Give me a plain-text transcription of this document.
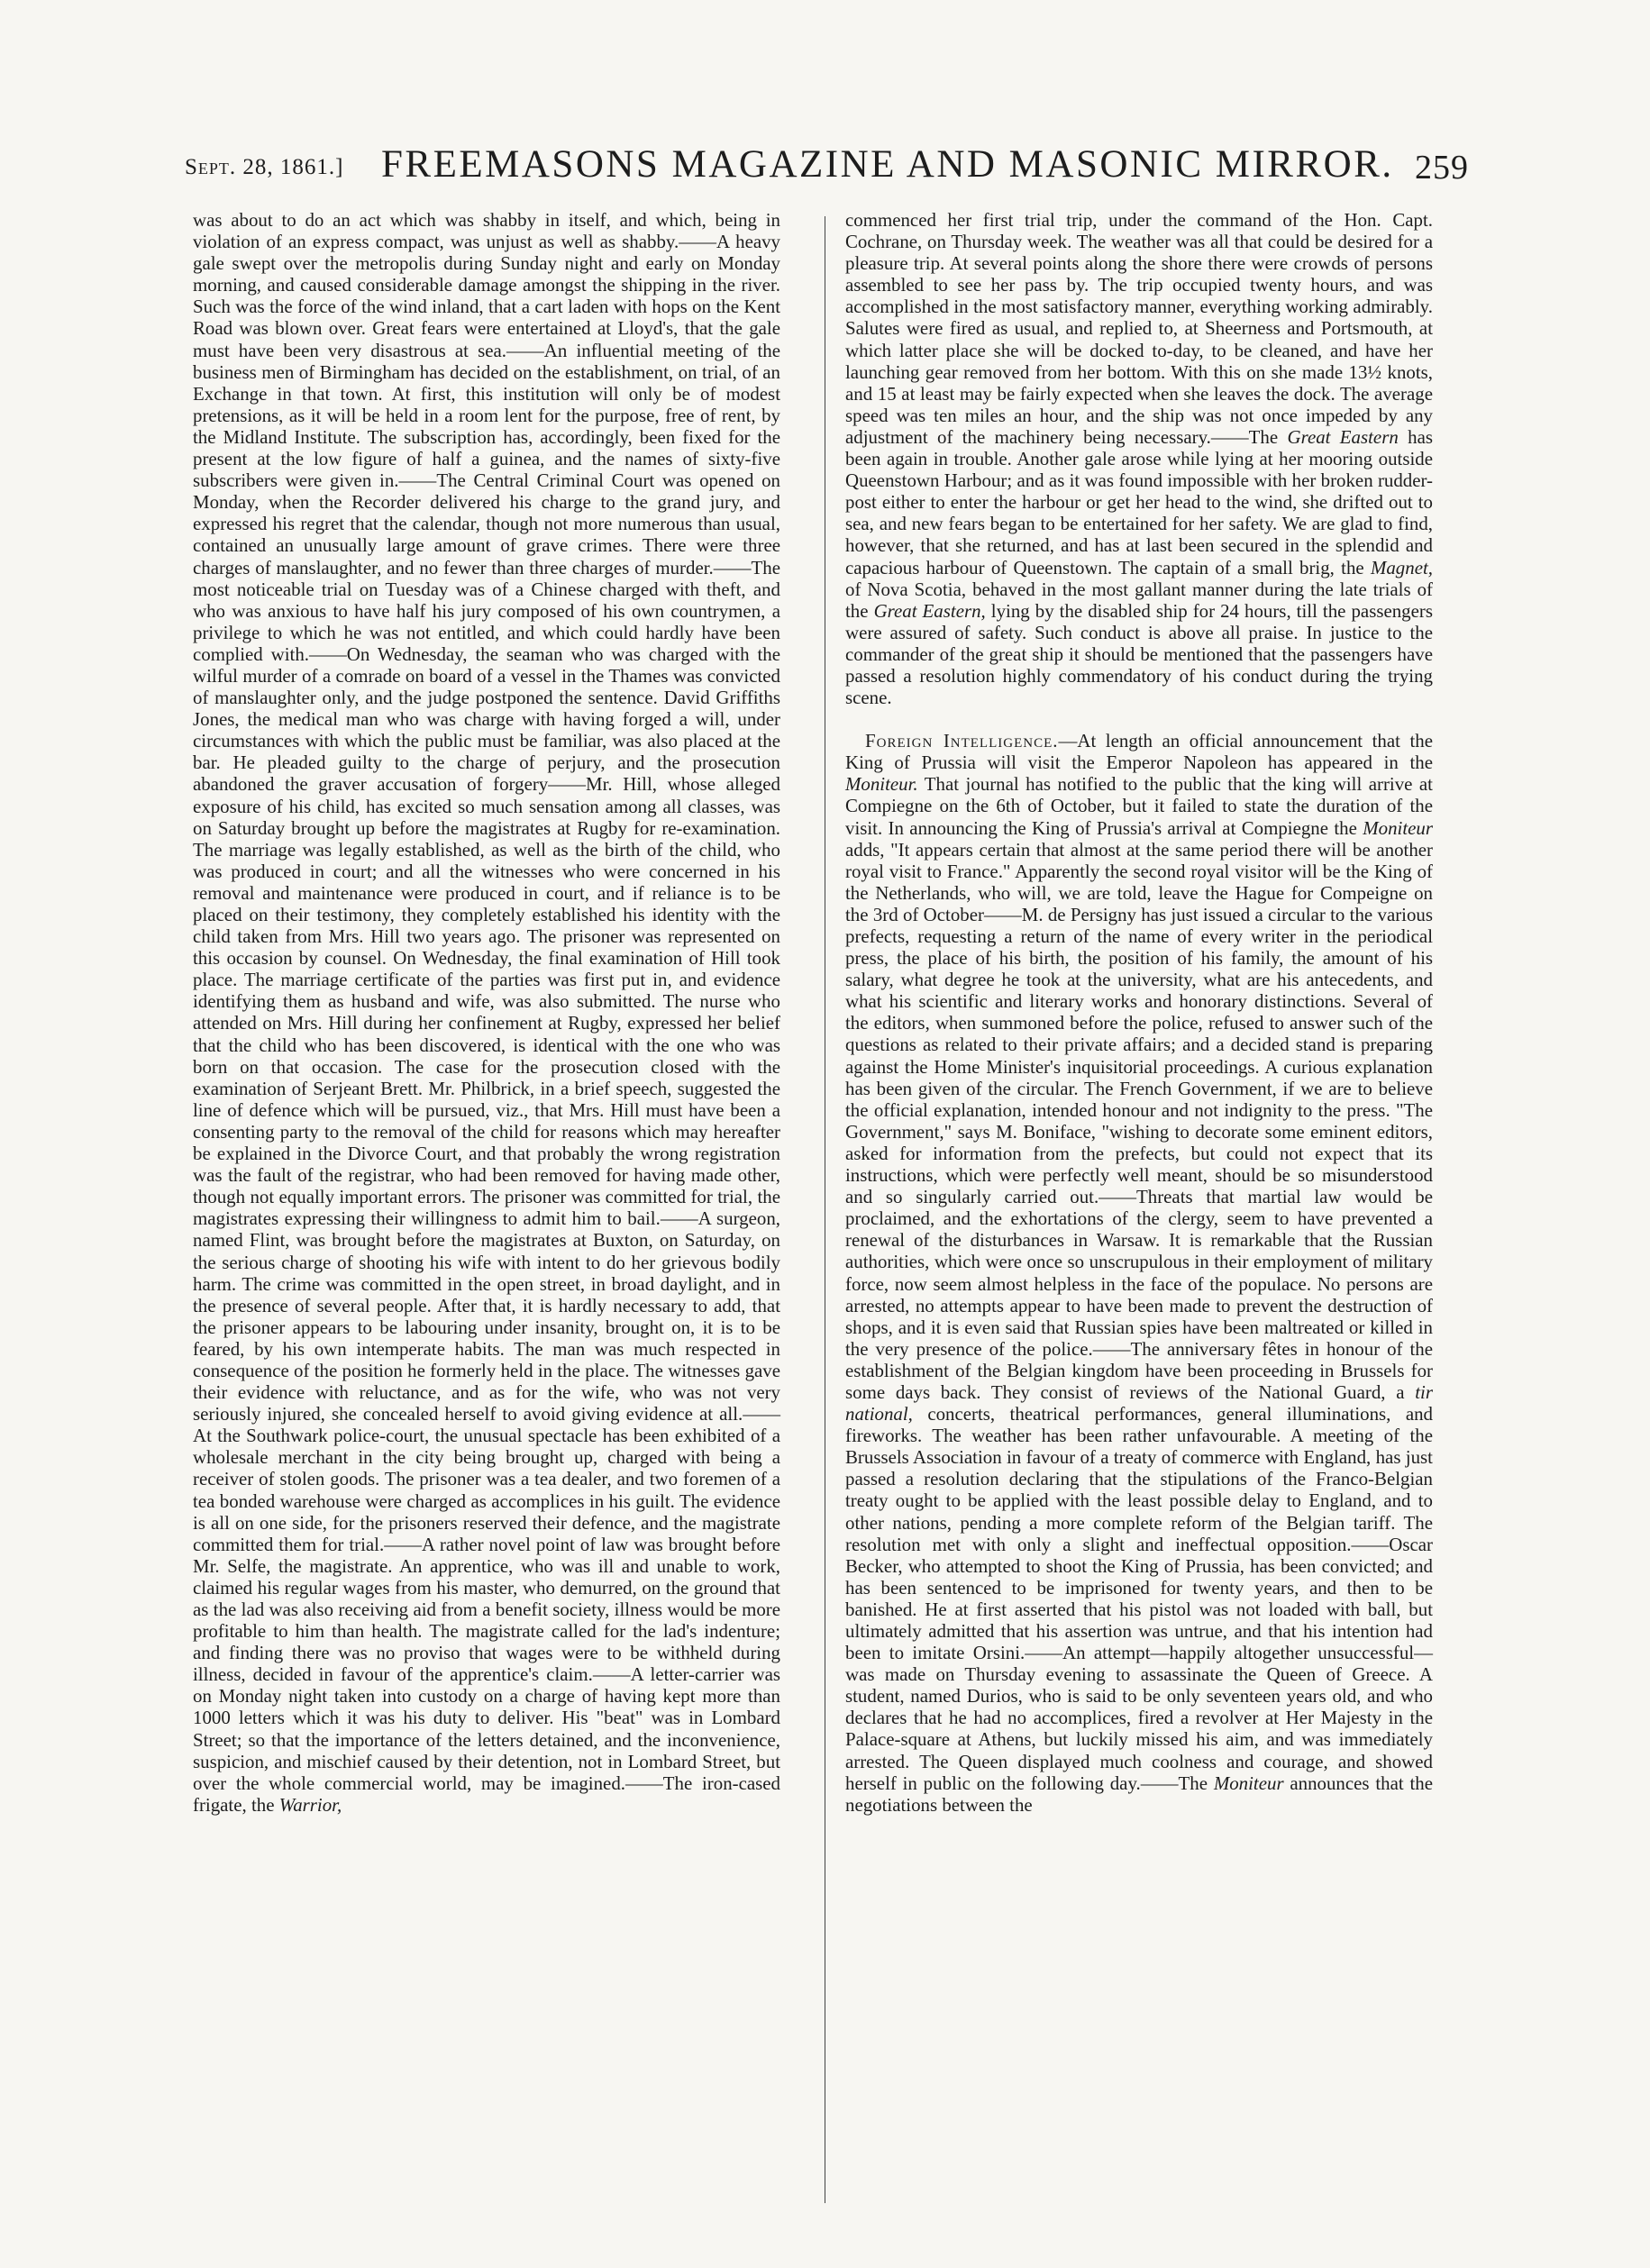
Sept. 28, 1861.] FREEMASONS MAGAZINE AND MASONIC MIRROR. 259

was about to do an act which was shabby in itself, and which, being in violation of an express compact, was unjust as well as shabby.——A heavy gale swept over the metropolis during Sunday night and early on Monday morning, and caused considerable damage amongst the shipping in the river. Such was the force of the wind inland, that a cart laden with hops on the Kent Road was blown over. Great fears were entertained at Lloyd's, that the gale must have been very disastrous at sea.——An influential meeting of the business men of Birmingham has decided on the establishment, on trial, of an Exchange in that town. At first, this institution will only be of modest pretensions, as it will be held in a room lent for the purpose, free of rent, by the Midland Institute. The subscription has, accordingly, been fixed for the present at the low figure of half a guinea, and the names of sixty-five subscribers were given in.——The Central Criminal Court was opened on Monday, when the Recorder delivered his charge to the grand jury, and expressed his regret that the calendar, though not more numerous than usual, contained an unusually large amount of grave crimes. There were three charges of manslaughter, and no fewer than three charges of murder.——The most noticeable trial on Tuesday was of a Chinese charged with theft, and who was anxious to have half his jury composed of his own countrymen, a privilege to which he was not entitled, and which could hardly have been complied with.——On Wednesday, the seaman who was charged with the wilful murder of a comrade on board of a vessel in the Thames was convicted of manslaughter only, and the judge postponed the sentence. David Griffiths Jones, the medical man who was charge with having forged a will, under circumstances with which the public must be familiar, was also placed at the bar. He pleaded guilty to the charge of perjury, and the prosecution abandoned the graver accusation of forgery——Mr. Hill, whose alleged exposure of his child, has excited so much sensation among all classes, was on Saturday brought up before the magistrates at Rugby for re-examination. The marriage was legally established, as well as the birth of the child, who was produced in court; and all the witnesses who were concerned in his removal and maintenance were produced in court, and if reliance is to be placed on their testimony, they completely established his identity with the child taken from Mrs. Hill two years ago. The prisoner was represented on this occasion by counsel. On Wednesday, the final examination of Hill took place. The marriage certificate of the parties was first put in, and evidence identifying them as husband and wife, was also submitted. The nurse who attended on Mrs. Hill during her confinement at Rugby, expressed her belief that the child who has been discovered, is identical with the one who was born on that occasion. The case for the prosecution closed with the examination of Serjeant Brett. Mr. Philbrick, in a brief speech, suggested the line of defence which will be pursued, viz., that Mrs. Hill must have been a consenting party to the removal of the child for reasons which may hereafter be explained in the Divorce Court, and that probably the wrong registration was the fault of the registrar, who had been removed for having made other, though not equally important errors. The prisoner was committed for trial, the magistrates expressing their willingness to admit him to bail.——A surgeon, named Flint, was brought before the magistrates at Buxton, on Saturday, on the serious charge of shooting his wife with intent to do her grievous bodily harm. The crime was committed in the open street, in broad daylight, and in the presence of several people. After that, it is hardly necessary to add, that the prisoner appears to be labouring under insanity, brought on, it is to be feared, by his own intemperate habits. The man was much respected in consequence of the position he formerly held in the place. The witnesses gave their evidence with reluctance, and as for the wife, who was not very seriously injured, she concealed herself to avoid giving evidence at all.——At the Southwark police-court, the unusual spectacle has been exhibited of a wholesale merchant in the city being brought up, charged with being a receiver of stolen goods. The prisoner was a tea dealer, and two foremen of a tea bonded warehouse were charged as accomplices in his guilt. The evidence is all on one side, for the prisoners reserved their defence, and the magistrate committed them for trial.——A rather novel point of law was brought before Mr. Selfe, the magistrate. An apprentice, who was ill and unable to work, claimed his regular wages from his master, who demurred, on the ground that as the lad was also receiving aid from a benefit society, illness would be more profitable to him than health. The magistrate called for the lad's indenture; and finding there was no proviso that wages were to be withheld during illness, decided in favour of the apprentice's claim.——A letter-carrier was on Monday night taken into custody on a charge of having kept more than 1000 letters which it was his duty to deliver. His "beat" was in Lombard Street; so that the importance of the letters detained, and the inconvenience, suspicion, and mischief caused by their detention, not in Lombard Street, but over the whole commercial world, may be imagined.——The iron-cased frigate, the Warrior,

commenced her first trial trip, under the command of the Hon. Capt. Cochrane, on Thursday week. The weather was all that could be desired for a pleasure trip. At several points along the shore there were crowds of persons assembled to see her pass by. The trip occupied twenty hours, and was accomplished in the most satisfactory manner, everything working admirably. Salutes were fired as usual, and replied to, at Sheerness and Portsmouth, at which latter place she will be docked to-day, to be cleaned, and have her launching gear removed from her bottom. With this on she made 13½ knots, and 15 at least may be fairly expected when she leaves the dock. The average speed was ten miles an hour, and the ship was not once impeded by any adjustment of the machinery being necessary.——The Great Eastern has been again in trouble. Another gale arose while lying at her mooring outside Queenstown Harbour; and as it was found impossible with her broken rudder-post either to enter the harbour or get her head to the wind, she drifted out to sea, and new fears began to be entertained for her safety. We are glad to find, however, that she returned, and has at last been secured in the splendid and capacious harbour of Queenstown. The captain of a small brig, the Magnet, of Nova Scotia, behaved in the most gallant manner during the late trials of the Great Eastern, lying by the disabled ship for 24 hours, till the passengers were assured of safety. Such conduct is above all praise. In justice to the commander of the great ship it should be mentioned that the passengers have passed a resolution highly commendatory of his conduct during the trying scene.

Foreign Intelligence.—At length an official announcement that the King of Prussia will visit the Emperor Napoleon has appeared in the Moniteur. That journal has notified to the public that the king will arrive at Compiegne on the 6th of October, but it failed to state the duration of the visit. In announcing the King of Prussia's arrival at Compiegne the Moniteur adds, "It appears certain that almost at the same period there will be another royal visit to France." Apparently the second royal visitor will be the King of the Netherlands, who will, we are told, leave the Hague for Compeigne on the 3rd of October——M. de Persigny has just issued a circular to the various prefects, requesting a return of the name of every writer in the periodical press, the place of his birth, the position of his family, the amount of his salary, what degree he took at the university, what are his antecedents, and what his scientific and literary works and honorary distinctions. Several of the editors, when summoned before the police, refused to answer such of the questions as related to their private affairs; and a decided stand is preparing against the Home Minister's inquisitorial proceedings. A curious explanation has been given of the circular. The French Government, if we are to believe the official explanation, intended honour and not indignity to the press. "The Government," says M. Boniface, "wishing to decorate some eminent editors, asked for information from the prefects, but could not expect that its instructions, which were perfectly well meant, should be so misunderstood and so singularly carried out.——Threats that martial law would be proclaimed, and the exhortations of the clergy, seem to have prevented a renewal of the disturbances in Warsaw. It is remarkable that the Russian authorities, which were once so unscrupulous in their employment of military force, now seem almost helpless in the face of the populace. No persons are arrested, no attempts appear to have been made to prevent the destruction of shops, and it is even said that Russian spies have been maltreated or killed in the very presence of the police.——The anniversary fêtes in honour of the establishment of the Belgian kingdom have been proceeding in Brussels for some days back. They consist of reviews of the National Guard, a tir national, concerts, theatrical performances, general illuminations, and fireworks. The weather has been rather unfavourable. A meeting of the Brussels Association in favour of a treaty of commerce with England, has just passed a resolution declaring that the stipulations of the Franco-Belgian treaty ought to be applied with the least possible delay to England, and to other nations, pending a more complete reform of the Belgian tariff. The resolution met with only a slight and ineffectual opposition.——Oscar Becker, who attempted to shoot the King of Prussia, has been convicted; and has been sentenced to be imprisoned for twenty years, and then to be banished. He at first asserted that his pistol was not loaded with ball, but ultimately admitted that his assertion was untrue, and that his intention had been to imitate Orsini.——An attempt—happily altogether unsuccessful—was made on Thursday evening to assassinate the Queen of Greece. A student, named Durios, who is said to be only seventeen years old, and who declares that he had no accomplices, fired a revolver at Her Majesty in the Palace-square at Athens, but luckily missed his aim, and was immediately arrested. The Queen displayed much coolness and courage, and showed herself in public on the following day.——The Moniteur announces that the negotiations between the
